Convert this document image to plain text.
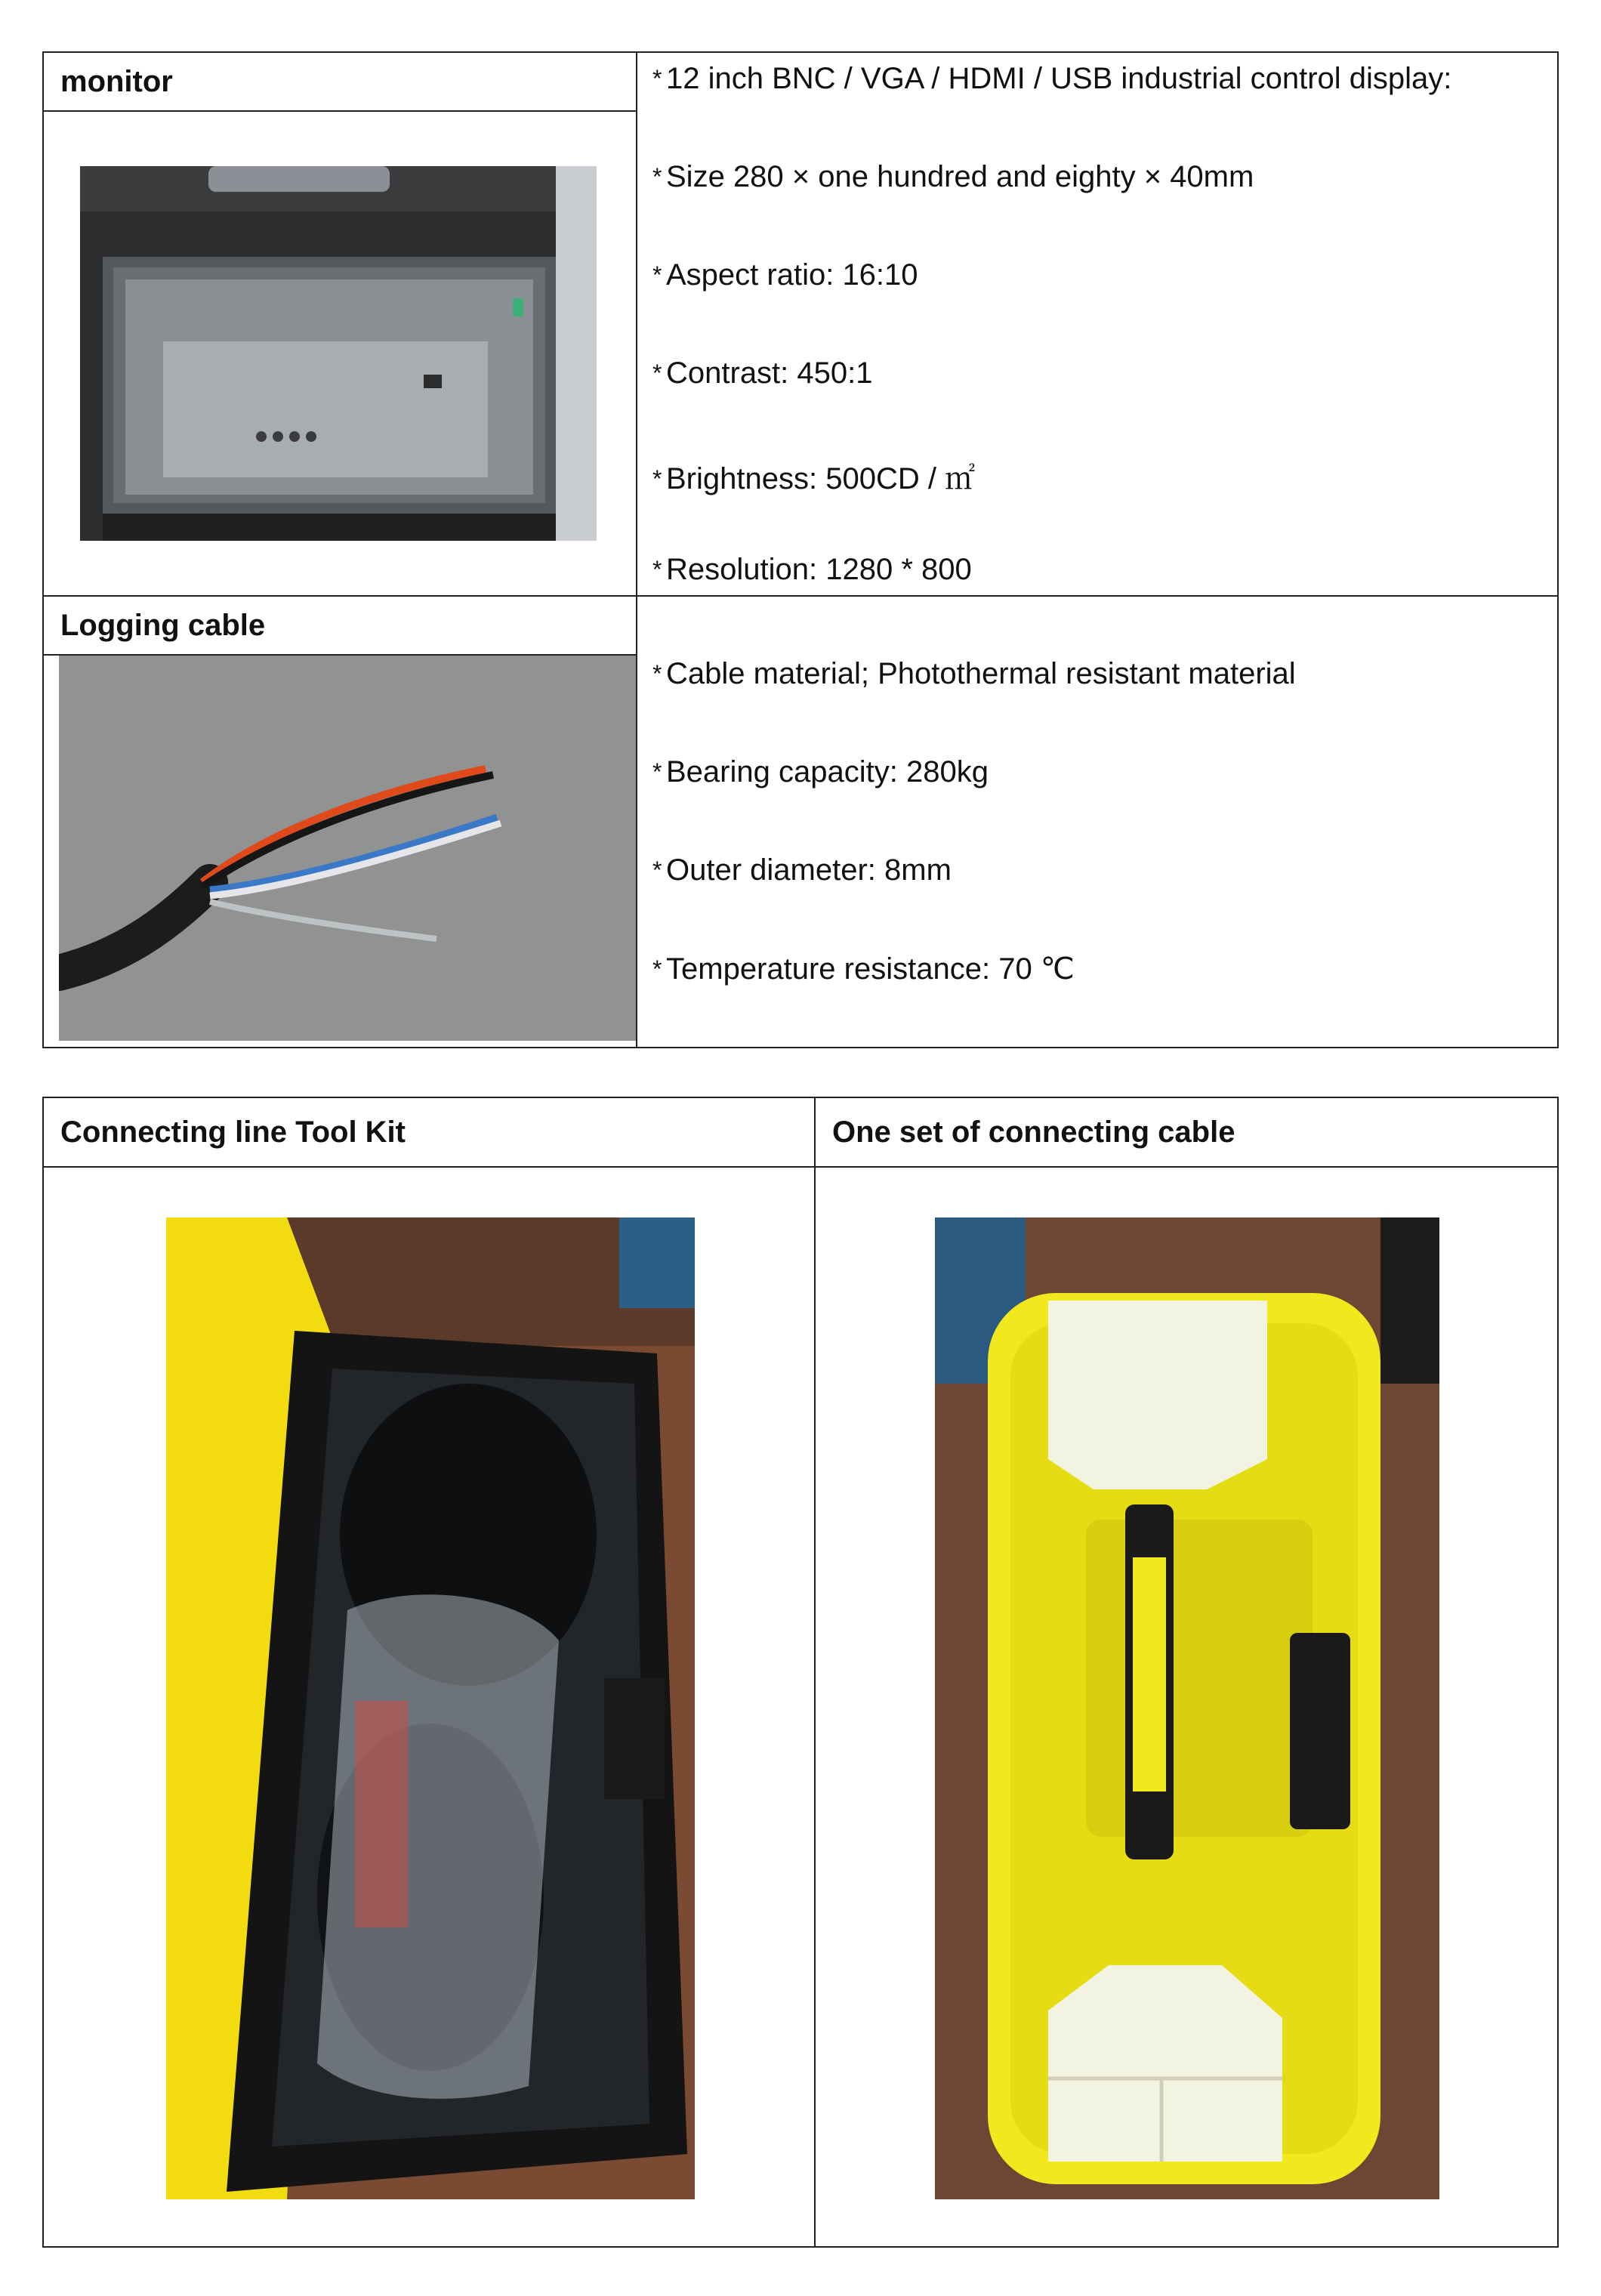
monitor	* 12 inch BNC / VGA / HDMI / USB industrial control display:
* Size 280 × one hundred and eighty × 40mm
* Aspect ratio: 16:10
* Contrast: 450:1
* Brightness: 500CD / ㎡
* Resolution: 1280 * 800
Logging cable
* Cable material; Photothermal resistant material
* Bearing capacity: 280kg
* Outer diameter: 8mm
* Temperature resistance: 70 ℃
Connecting line Tool Kit	One set of connecting cable
